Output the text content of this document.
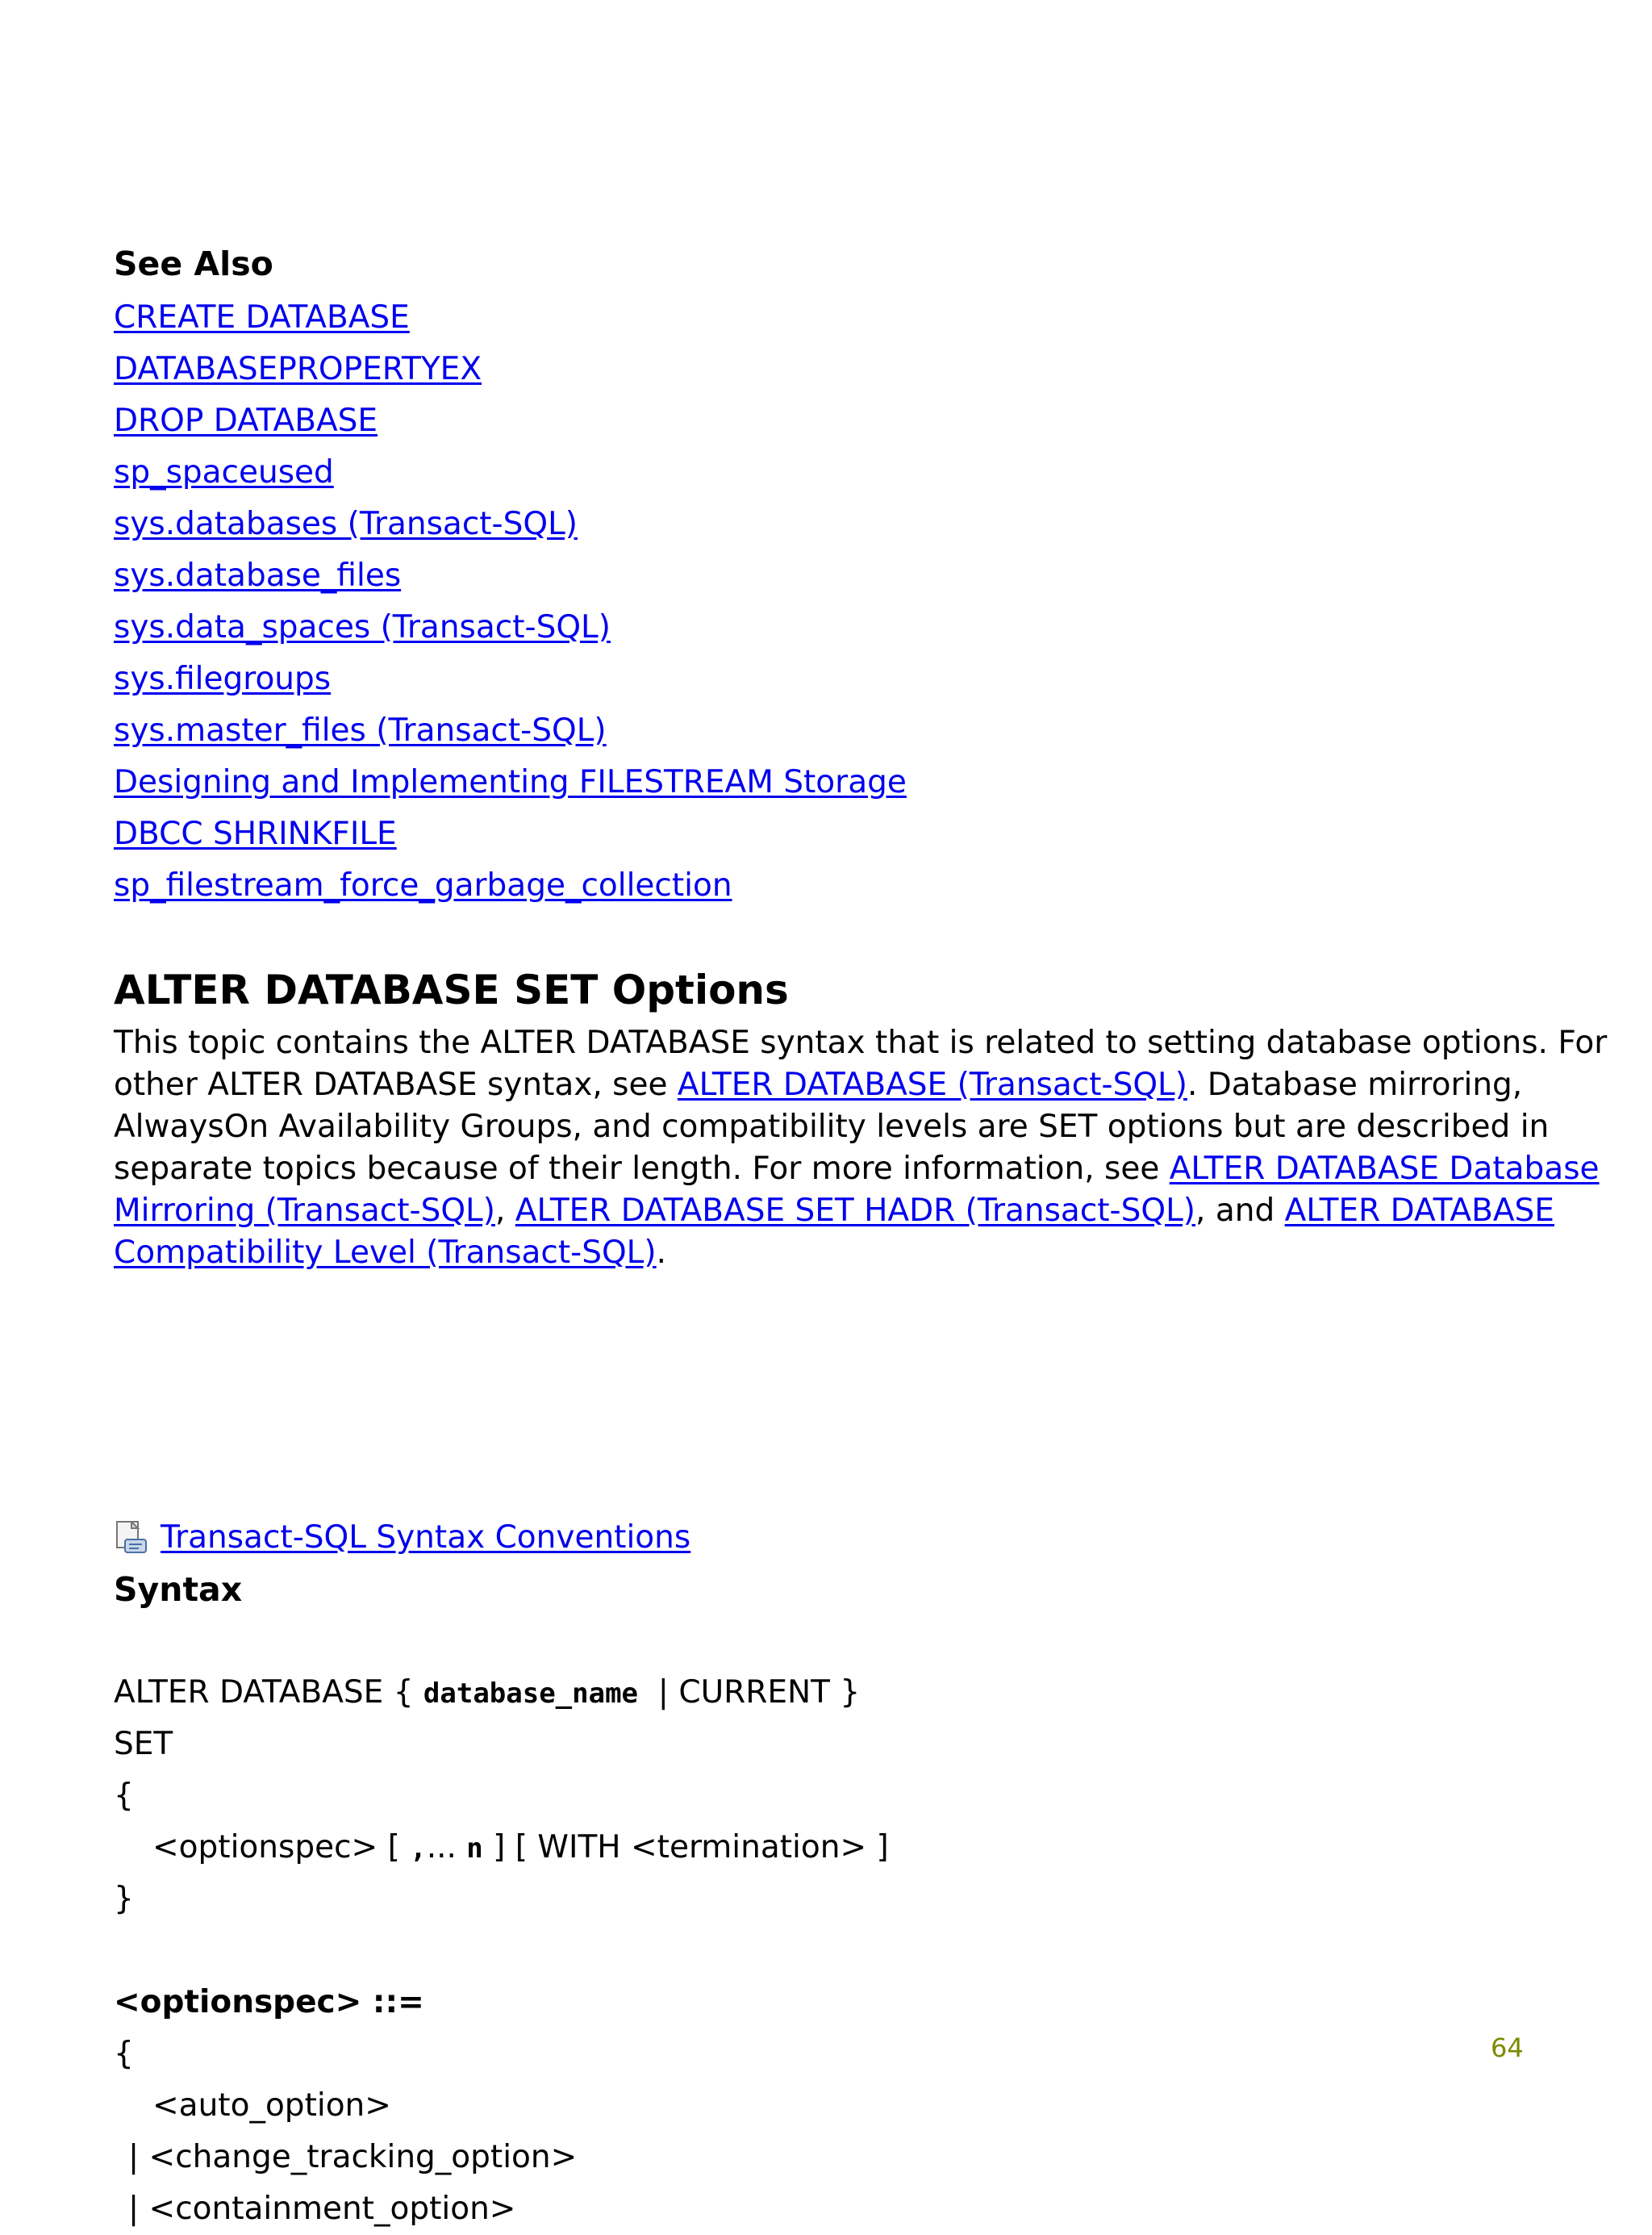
See Also
CREATE DATABASE
DATABASEPROPERTYEX
DROP DATABASE
sp_spaceused
sys.databases (Transact-SQL)
sys.database_files
sys.data_spaces (Transact-SQL)
sys.filegroups
sys.master_files (Transact-SQL)
Designing and Implementing FILESTREAM Storage
DBCC SHRINKFILE
sp_filestream_force_garbage_collection
ALTER DATABASE SET Options

This topic contains the ALTER DATABASE syntax that is related to setting database options. For
other ALTER DATABASE syntax, see ALTER DATABASE (Transact-SQL). Database mirroring,
AlwaysOn Availability Groups, and compatibility levels are SET options but are described in
separate topics because of their length. For more information, see ALTER DATABASE Database
Mirroring (Transact-SQL), ALTER DATABASE SET HADR (Transact-SQL), and ALTER DATABASE
Compatibility Level (Transact-SQL).

Transact-SQL Syntax Conventions
Syntax
ALTER DATABASE { database_name  | CURRENT }
SET
{
<optionspec> [ ,... n ] [ WITH <termination> ]
}
<optionspec> ::=
{
<auto_option>
| <change_tracking_option>
| <containment_option>
64
